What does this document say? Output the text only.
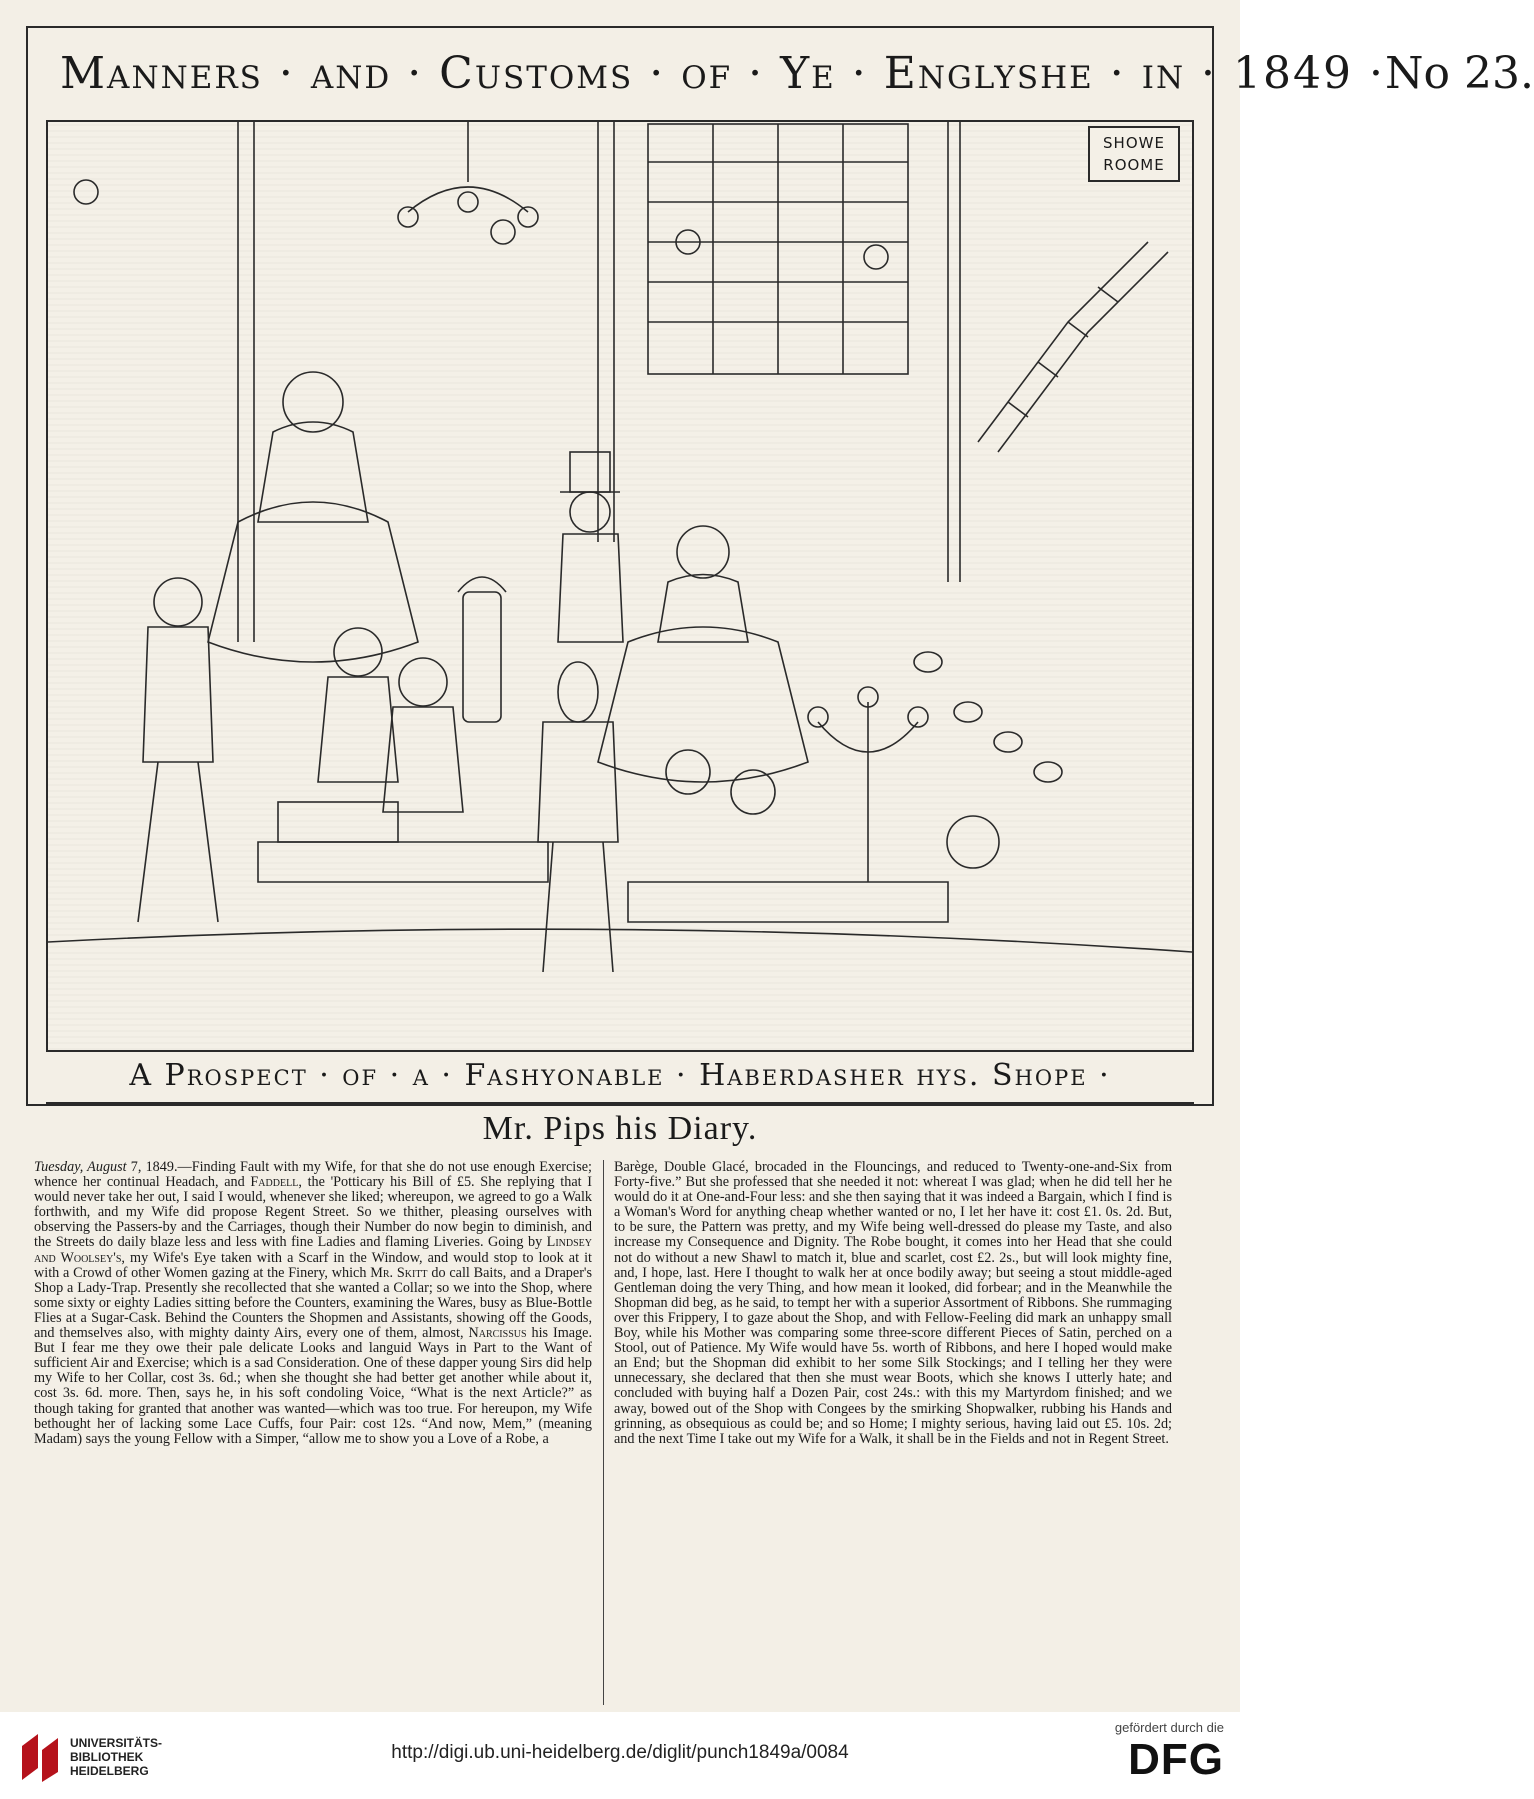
Manners · and · Customs · of · Ye · Englyshe · in · 1849 · No 23.
SHOWE
ROOME
A Prospect · of · a · Fashyonable · Haberdasher hys. Shope ·
Mr. Pips his Diary.
Tuesday, August 7, 1849.—Finding Fault with my Wife, for that she do not use enough Exercise; whence her continual Headach, and Faddell, the 'Potticary his Bill of £5. She replying that I would never take her out, I said I would, whenever she liked; whereupon, we agreed to go a Walk forthwith, and my Wife did propose Regent Street. So we thither, pleasing ourselves with observing the Passers-by and the Carriages, though their Number do now begin to diminish, and the Streets do daily blaze less and less with fine Ladies and flaming Liveries. Going by Lindsey and Woolsey's, my Wife's Eye taken with a Scarf in the Window, and would stop to look at it with a Crowd of other Women gazing at the Finery, which Mr. Skitt do call Baits, and a Draper's Shop a Lady-Trap. Presently she recollected that she wanted a Collar; so we into the Shop, where some sixty or eighty Ladies sitting before the Counters, examining the Wares, busy as Blue-Bottle Flies at a Sugar-Cask. Behind the Counters the Shopmen and Assistants, showing off the Goods, and themselves also, with mighty dainty Airs, every one of them, almost, Narcissus his Image. But I fear me they owe their pale delicate Looks and languid Ways in Part to the Want of sufficient Air and Exercise; which is a sad Consideration. One of these dapper young Sirs did help my Wife to her Collar, cost 3s. 6d.; when she thought she had better get another while about it, cost 3s. 6d. more. Then, says he, in his soft condoling Voice, “What is the next Article?” as though taking for granted that another was wanted—which was too true. For hereupon, my Wife bethought her of lacking some Lace Cuffs, four Pair: cost 12s. “And now, Mem,” (meaning Madam) says the young Fellow with a Simper, “allow me to show you a Love of a Robe, a
Barège, Double Glacé, brocaded in the Flouncings, and reduced to Twenty-one-and-Six from Forty-five.” But she professed that she needed it not: whereat I was glad; when he did tell her he would do it at One-and-Four less: and she then saying that it was indeed a Bargain, which I find is a Woman's Word for anything cheap whether wanted or no, I let her have it: cost £1. 0s. 2d. But, to be sure, the Pattern was pretty, and my Wife being well-dressed do please my Taste, and also increase my Consequence and Dignity. The Robe bought, it comes into her Head that she could not do without a new Shawl to match it, blue and scarlet, cost £2. 2s., but will look mighty fine, and, I hope, last. Here I thought to walk her at once bodily away; but seeing a stout middle-aged Gentleman doing the very Thing, and how mean it looked, did forbear; and in the Meanwhile the Shopman did beg, as he said, to tempt her with a superior Assortment of Ribbons. She rummaging over this Frippery, I to gaze about the Shop, and with Fellow-Feeling did mark an unhappy small Boy, while his Mother was comparing some three-score different Pieces of Satin, perched on a Stool, out of Patience. My Wife would have 5s. worth of Ribbons, and here I hoped would make an End; but the Shopman did exhibit to her some Silk Stockings; and I telling her they were unnecessary, she declared that then she must wear Boots, which she knows I utterly hate; and concluded with buying half a Dozen Pair, cost 24s.: with this my Martyrdom finished; and we away, bowed out of the Shop with Congees by the smirking Shopwalker, rubbing his Hands and grinning, as obsequious as could be; and so Home; I mighty serious, having laid out £5. 10s. 2d; and the next Time I take out my Wife for a Walk, it shall be in the Fields and not in Regent Street.
UNIVERSITÄTS-
BIBLIOTHEK
HEIDELBERG
http://digi.ub.uni-heidelberg.de/diglit/punch1849a/0084
gefördert durch die
DFG
